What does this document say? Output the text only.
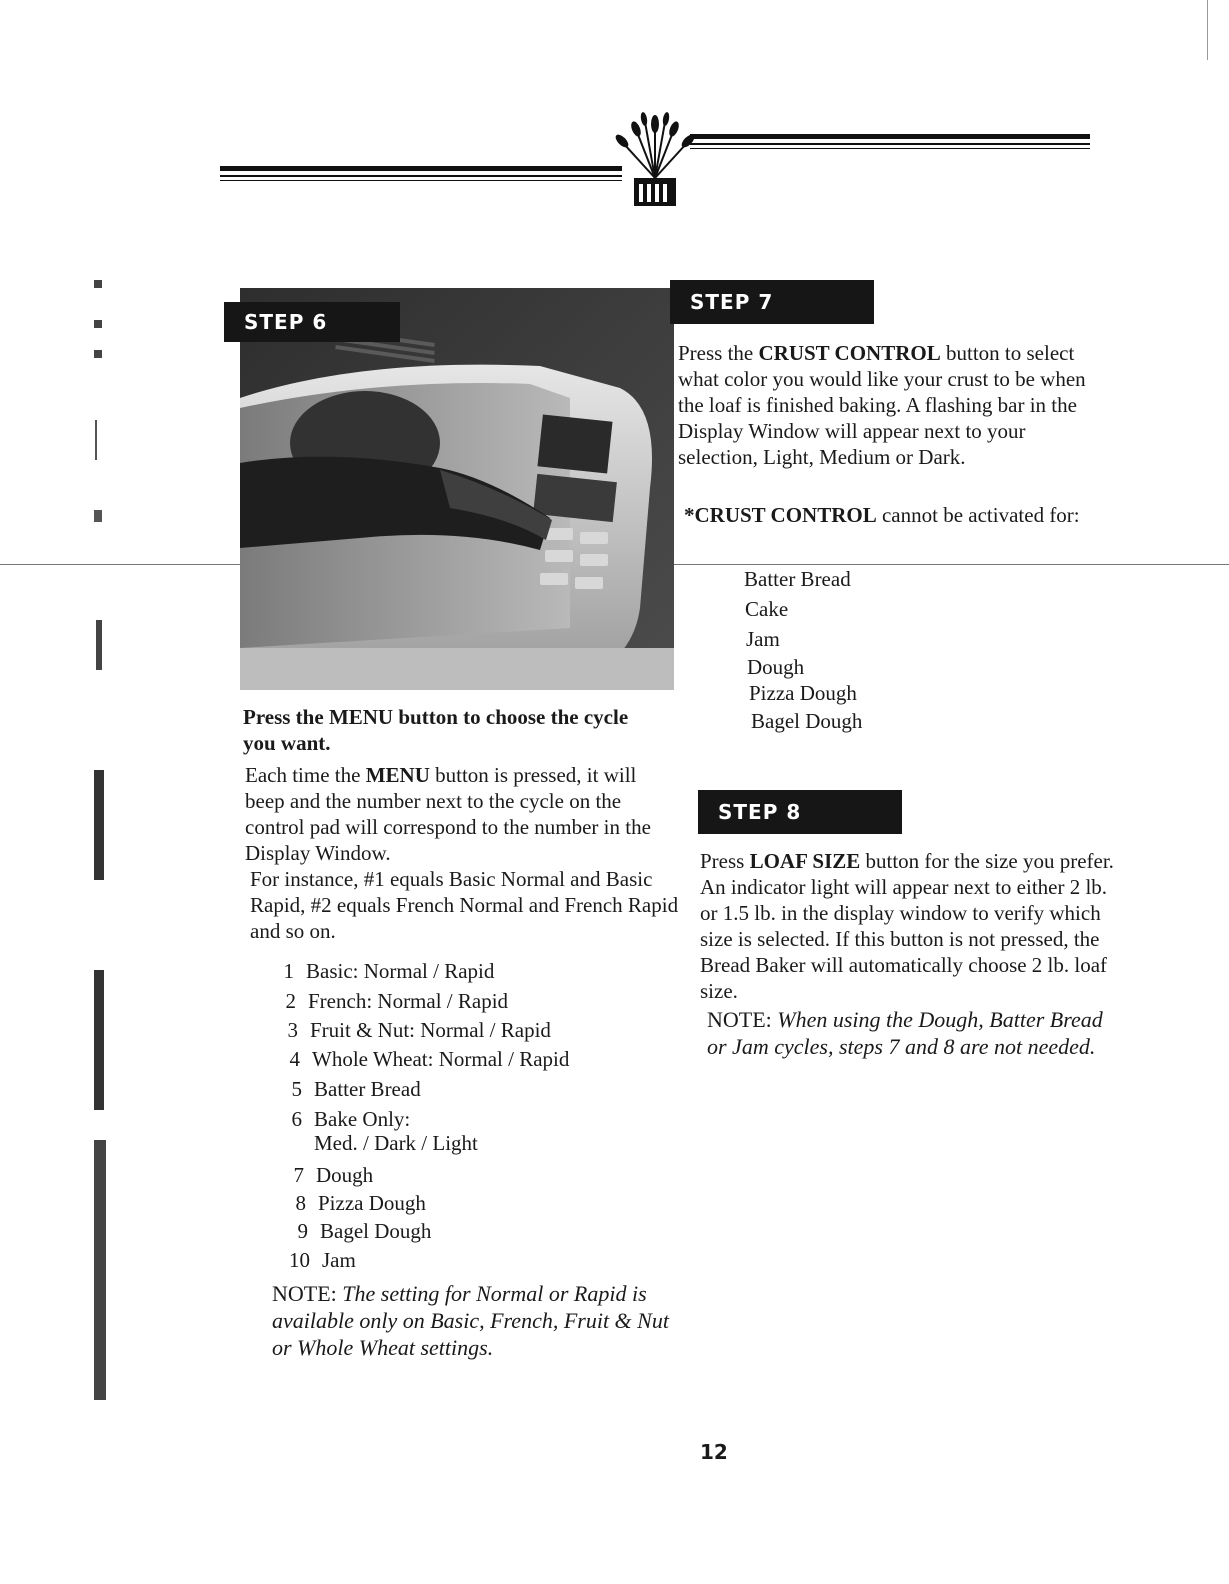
STEP 6

Press the MENU button to choose the cycle you want.

Each time the MENU button is pressed, it will beep and the number next to the cycle on the control pad will correspond to the number in the Display Window.

For instance, #1 equals Basic Normal and Basic Rapid, #2 equals French Normal and French Rapid and so on.

1 Basic: Normal / Rapid
2 French: Normal / Rapid
3 Fruit & Nut: Normal / Rapid
4 Whole Wheat: Normal / Rapid
5 Batter Bread
6 Bake Only:
Med. / Dark / Light
7 Dough
8 Pizza Dough
9 Bagel Dough
10 Jam

NOTE: The setting for Normal or Rapid is available only on Basic, French, Fruit & Nut or Whole Wheat settings.

STEP 7

Press the CRUST CONTROL button to select what color you would like your crust to be when the loaf is finished baking. A flashing bar in the Display Window will appear next to your selection, Light, Medium or Dark.

*CRUST CONTROL cannot be activated for:

Batter Bread
Cake
Jam
Dough
Pizza Dough
Bagel Dough
STEP 8

Press LOAF SIZE button for the size you prefer. An indicator light will appear next to either 2 lb. or 1.5 lb. in the display window to verify which size is selected. If this button is not pressed, the Bread Baker will automatically choose 2 lb. loaf size.

NOTE: When using the Dough, Batter Bread or Jam cycles, steps 7 and 8 are not needed.

12
